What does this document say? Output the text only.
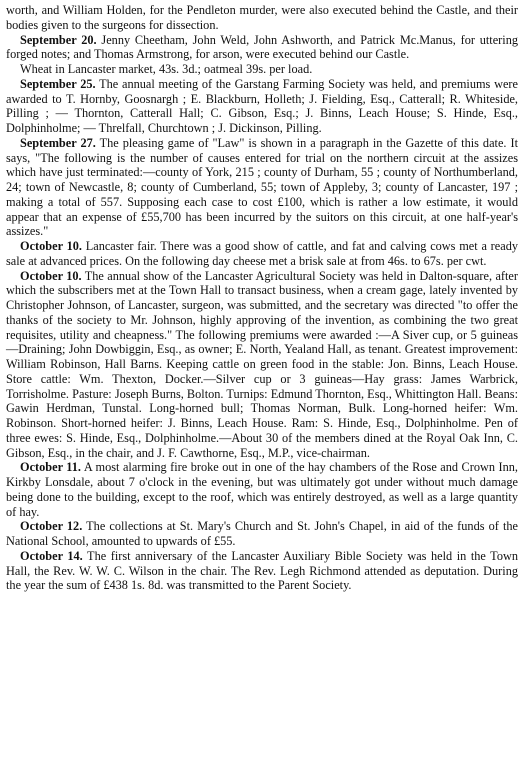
worth, and William Holden, for the Pendleton murder, were also executed behind the Castle, and their bodies given to the surgeons for dissection.

September 20. Jenny Cheetham, John Weld, John Ashworth, and Patrick Mc.Manus, for uttering forged notes; and Thomas Armstrong, for arson, were executed behind our Castle.

Wheat in Lancaster market, 43s. 3d.; oatmeal 39s. per load.

September 25. The annual meeting of the Garstang Farming Society was held, and premiums were awarded to T. Hornby, Goosnargh ; E. Blackburn, Holleth; J. Fielding, Esq., Catterall; R. Whiteside, Pilling ; — Thornton, Catterall Hall; C. Gibson, Esq.; J. Binns, Leach House; S. Hinde, Esq., Dolphinholme; — Threlfall, Churchtown ; J. Dickinson, Pilling.

September 27. The pleasing game of "Law" is shown in a paragraph in the Gazette of this date. It says, "The following is the number of causes entered for trial on the northern circuit at the assizes which have just terminated:—county of York, 215 ; county of Durham, 55 ; county of Northumberland, 24; town of Newcastle, 8; county of Cumberland, 55; town of Appleby, 3; county of Lancaster, 197 ; making a total of 557. Supposing each case to cost £100, which is rather a low estimate, it would appear that an expense of £55,700 has been incurred by the suitors on this circuit, at one half-year's assizes."

October 10. Lancaster fair. There was a good show of cattle, and fat and calving cows met a ready sale at advanced prices. On the following day cheese met a brisk sale at from 46s. to 67s. per cwt.

October 10. The annual show of the Lancaster Agricultural Society was held in Dalton-square, after which the subscribers met at the Town Hall to transact business, when a cream gage, lately invented by Christopher Johnson, of Lancaster, surgeon, was submitted, and the secretary was directed "to offer the thanks of the society to Mr. Johnson, highly approving of the invention, as combining the two great requisites, utility and cheapness." The following premiums were awarded :—A Siver cup, or 5 guineas—Draining; John Dowbiggin, Esq., as owner; E. North, Yealand Hall, as tenant. Greatest improvement: William Robinson, Hall Barns. Keeping cattle on green food in the stable: Jon. Binns, Leach House. Store cattle: Wm. Thexton, Docker.—Silver cup or 3 guineas—Hay grass: James Warbrick, Torrisholme. Pasture: Joseph Burns, Bolton. Turnips: Edmund Thornton, Esq., Whittington Hall. Beans: Gawin Herdman, Tunstal. Long-horned bull; Thomas Norman, Bulk. Long-horned heifer: Wm. Robinson. Short-horned heifer: J. Binns, Leach House. Ram: S. Hinde, Esq., Dolphinholme. Pen of three ewes: S. Hinde, Esq., Dolphinholme.—About 30 of the members dined at the Royal Oak Inn, C. Gibson, Esq., in the chair, and J. F. Cawthorne, Esq., M.P., vice-chairman.

October 11. A most alarming fire broke out in one of the hay chambers of the Rose and Crown Inn, Kirkby Lonsdale, about 7 o'clock in the evening, but was ultimately got under without much damage being done to the building, except to the roof, which was entirely destroyed, as well as a large quantity of hay.

October 12. The collections at St. Mary's Church and St. John's Chapel, in aid of the funds of the National School, amounted to upwards of £55.

October 14. The first anniversary of the Lancaster Auxiliary Bible Society was held in the Town Hall, the Rev. W. W. C. Wilson in the chair. The Rev. Legh Richmond attended as deputation. During the year the sum of £438 1s. 8d. was transmitted to the Parent Society.
